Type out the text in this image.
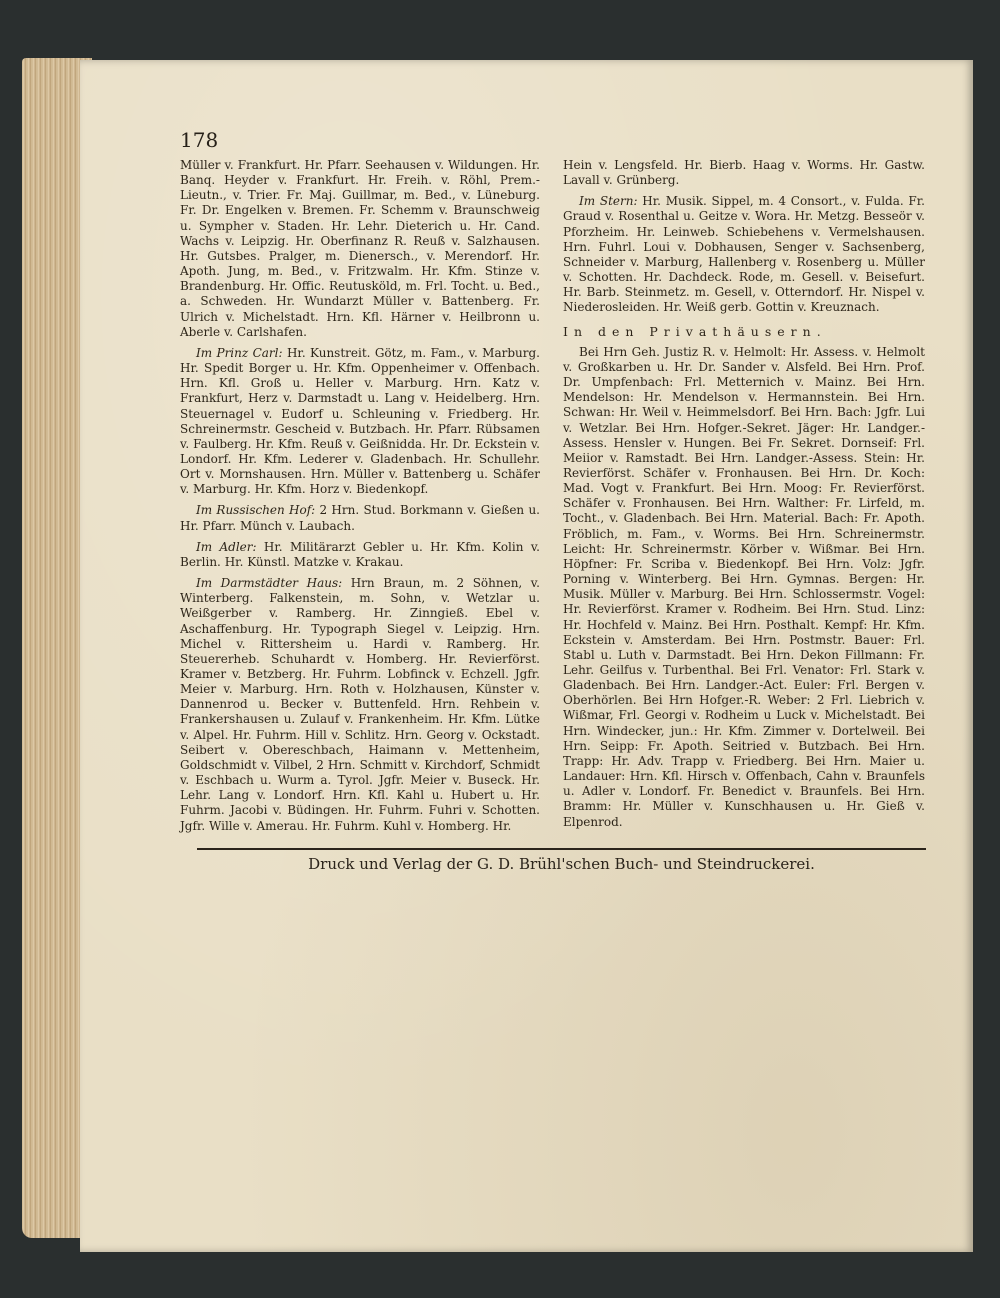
178

Müller v. Frankfurt. Hr. Pfarr. Seehausen v. Wildungen. Hr. Banq. Heyder v. Frankfurt. Hr. Freih. v. Röhl, Prem.-Lieutn., v. Trier. Fr. Maj. Guillmar, m. Bed., v. Lüneburg. Fr. Dr. Engelken v. Bremen. Fr. Schemm v. Braunschweig u. Sympher v. Staden. Hr. Lehr. Dieterich u. Hr. Cand. Wachs v. Leipzig. Hr. Oberfinanz R. Reuß v. Salzhausen. Hr. Gutsbes. Pralger, m. Dienersch., v. Merendorf. Hr. Apoth. Jung, m. Bed., v. Fritzwalm. Hr. Kfm. Stinze v. Brandenburg. Hr. Offic. Reutusköld, m. Frl. Tocht. u. Bed., a. Schweden. Hr. Wundarzt Müller v. Battenberg. Fr. Ulrich v. Michelstadt. Hrn. Kfl. Härner v. Heilbronn u. Aberle v. Carlshafen.

Im Prinz Carl: Hr. Kunstreit. Götz, m. Fam., v. Marburg. Hr. Spedit Borger u. Hr. Kfm. Oppenheimer v. Offenbach. Hrn. Kfl. Groß u. Heller v. Marburg. Hrn. Katz v. Frankfurt, Herz v. Darmstadt u. Lang v. Heidelberg. Hrn. Steuernagel v. Eudorf u. Schleuning v. Friedberg. Hr. Schreinermstr. Gescheid v. Butzbach. Hr. Pfarr. Rübsamen v. Faulberg. Hr. Kfm. Reuß v. Geißnidda. Hr. Dr. Eckstein v. Londorf. Hr. Kfm. Lederer v. Gladenbach. Hr. Schullehr. Ort v. Mornshausen. Hrn. Müller v. Battenberg u. Schäfer v. Marburg. Hr. Kfm. Horz v. Biedenkopf.

Im Russischen Hof: 2 Hrn. Stud. Borkmann v. Gießen u. Hr. Pfarr. Münch v. Laubach.

Im Adler: Hr. Militärarzt Gebler u. Hr. Kfm. Kolin v. Berlin. Hr. Künstl. Matzke v. Krakau.

Im Darmstädter Haus: Hrn Braun, m. 2 Söhnen, v. Winterberg. Falkenstein, m. Sohn, v. Wetzlar u. Weißgerber v. Ramberg. Hr. Zinngieß. Ebel v. Aschaffenburg. Hr. Typograph Siegel v. Leipzig. Hrn. Michel v. Rittersheim u. Hardi v. Ramberg. Hr. Steuererheb. Schuhardt v. Homberg. Hr. Revierförst. Kramer v. Betzberg. Hr. Fuhrm. Lobfinck v. Echzell. Jgfr. Meier v. Marburg. Hrn. Roth v. Holzhausen, Künster v. Dannenrod u. Becker v. Buttenfeld. Hrn. Rehbein v. Frankershausen u. Zulauf v. Frankenheim. Hr. Kfm. Lütke v. Alpel. Hr. Fuhrm. Hill v. Schlitz. Hrn. Georg v. Ockstadt. Seibert v. Obereschbach, Haimann v. Mettenheim, Goldschmidt v. Vilbel, 2 Hrn. Schmitt v. Kirchdorf, Schmidt v. Eschbach u. Wurm a. Tyrol. Jgfr. Meier v. Buseck. Hr. Lehr. Lang v. Londorf. Hrn. Kfl. Kahl u. Hubert u. Hr. Fuhrm. Jacobi v. Büdingen. Hr. Fuhrm. Fuhri v. Schotten. Jgfr. Wille v. Amerau. Hr. Fuhrm. Kuhl v. Homberg. Hr.

Hein v. Lengsfeld. Hr. Bierb. Haag v. Worms. Hr. Gastw. Lavall v. Grünberg.

Im Stern: Hr. Musik. Sippel, m. 4 Consort., v. Fulda. Fr. Graud v. Rosenthal u. Geitze v. Wora. Hr. Metzg. Besseör v. Pforzheim. Hr. Leinweb. Schiebehens v. Vermelshausen. Hrn. Fuhrl. Loui v. Dobhausen, Senger v. Sachsenberg, Schneider v. Marburg, Hallenberg v. Rosenberg u. Müller v. Schotten. Hr. Dachdeck. Rode, m. Gesell. v. Beisefurt. Hr. Barb. Steinmetz. m. Gesell, v. Otterndorf. Hr. Nispel v. Niederosleiden. Hr. Weiß gerb. Gottin v. Kreuznach.

In den Privathäusern.

Bei Hrn Geh. Justiz R. v. Helmolt: Hr. Assess. v. Helmolt v. Großkarben u. Hr. Dr. Sander v. Alsfeld. Bei Hrn. Prof. Dr. Umpfenbach: Frl. Metternich v. Mainz. Bei Hrn. Mendelson: Hr. Mendelson v. Hermannstein. Bei Hrn. Schwan: Hr. Weil v. Heimmelsdorf. Bei Hrn. Bach: Jgfr. Lui v. Wetzlar. Bei Hrn. Hofger.-Sekret. Jäger: Hr. Landger.-Assess. Hensler v. Hungen. Bei Fr. Sekret. Dornseif: Frl. Meiior v. Ramstadt. Bei Hrn. Landger.-Assess. Stein: Hr. Revierförst. Schäfer v. Fronhausen. Bei Hrn. Dr. Koch: Mad. Vogt v. Frankfurt. Bei Hrn. Moog: Fr. Revierförst. Schäfer v. Fronhausen. Bei Hrn. Walther: Fr. Lirfeld, m. Tocht., v. Gladenbach. Bei Hrn. Material. Bach: Fr. Apoth. Fröblich, m. Fam., v. Worms. Bei Hrn. Schreinermstr. Leicht: Hr. Schreinermstr. Körber v. Wißmar. Bei Hrn. Höpfner: Fr. Scriba v. Biedenkopf. Bei Hrn. Volz: Jgfr. Porning v. Winterberg. Bei Hrn. Gymnas. Bergen: Hr. Musik. Müller v. Marburg. Bei Hrn. Schlossermstr. Vogel: Hr. Revierförst. Kramer v. Rodheim. Bei Hrn. Stud. Linz: Hr. Hochfeld v. Mainz. Bei Hrn. Posthalt. Kempf: Hr. Kfm. Eckstein v. Amsterdam. Bei Hrn. Postmstr. Bauer: Frl. Stabl u. Luth v. Darmstadt. Bei Hrn. Dekon Fillmann: Fr. Lehr. Geilfus v. Turbenthal. Bei Frl. Venator: Frl. Stark v. Gladenbach. Bei Hrn. Landger.-Act. Euler: Frl. Bergen v. Oberhörlen. Bei Hrn Hofger.-R. Weber: 2 Frl. Liebrich v. Wißmar, Frl. Georgi v. Rodheim u Luck v. Michelstadt. Bei Hrn. Windecker, jun.: Hr. Kfm. Zimmer v. Dortelweil. Bei Hrn. Seipp: Fr. Apoth. Seitried v. Butzbach. Bei Hrn. Trapp: Hr. Adv. Trapp v. Friedberg. Bei Hrn. Maier u. Landauer: Hrn. Kfl. Hirsch v. Offenbach, Cahn v. Braunfels u. Adler v. Londorf. Fr. Benedict v. Braunfels. Bei Hrn. Bramm: Hr. Müller v. Kunschhausen u. Hr. Gieß v. Elpenrod.

Druck und Verlag der G. D. Brühl'schen Buch- und Steindruckerei.
